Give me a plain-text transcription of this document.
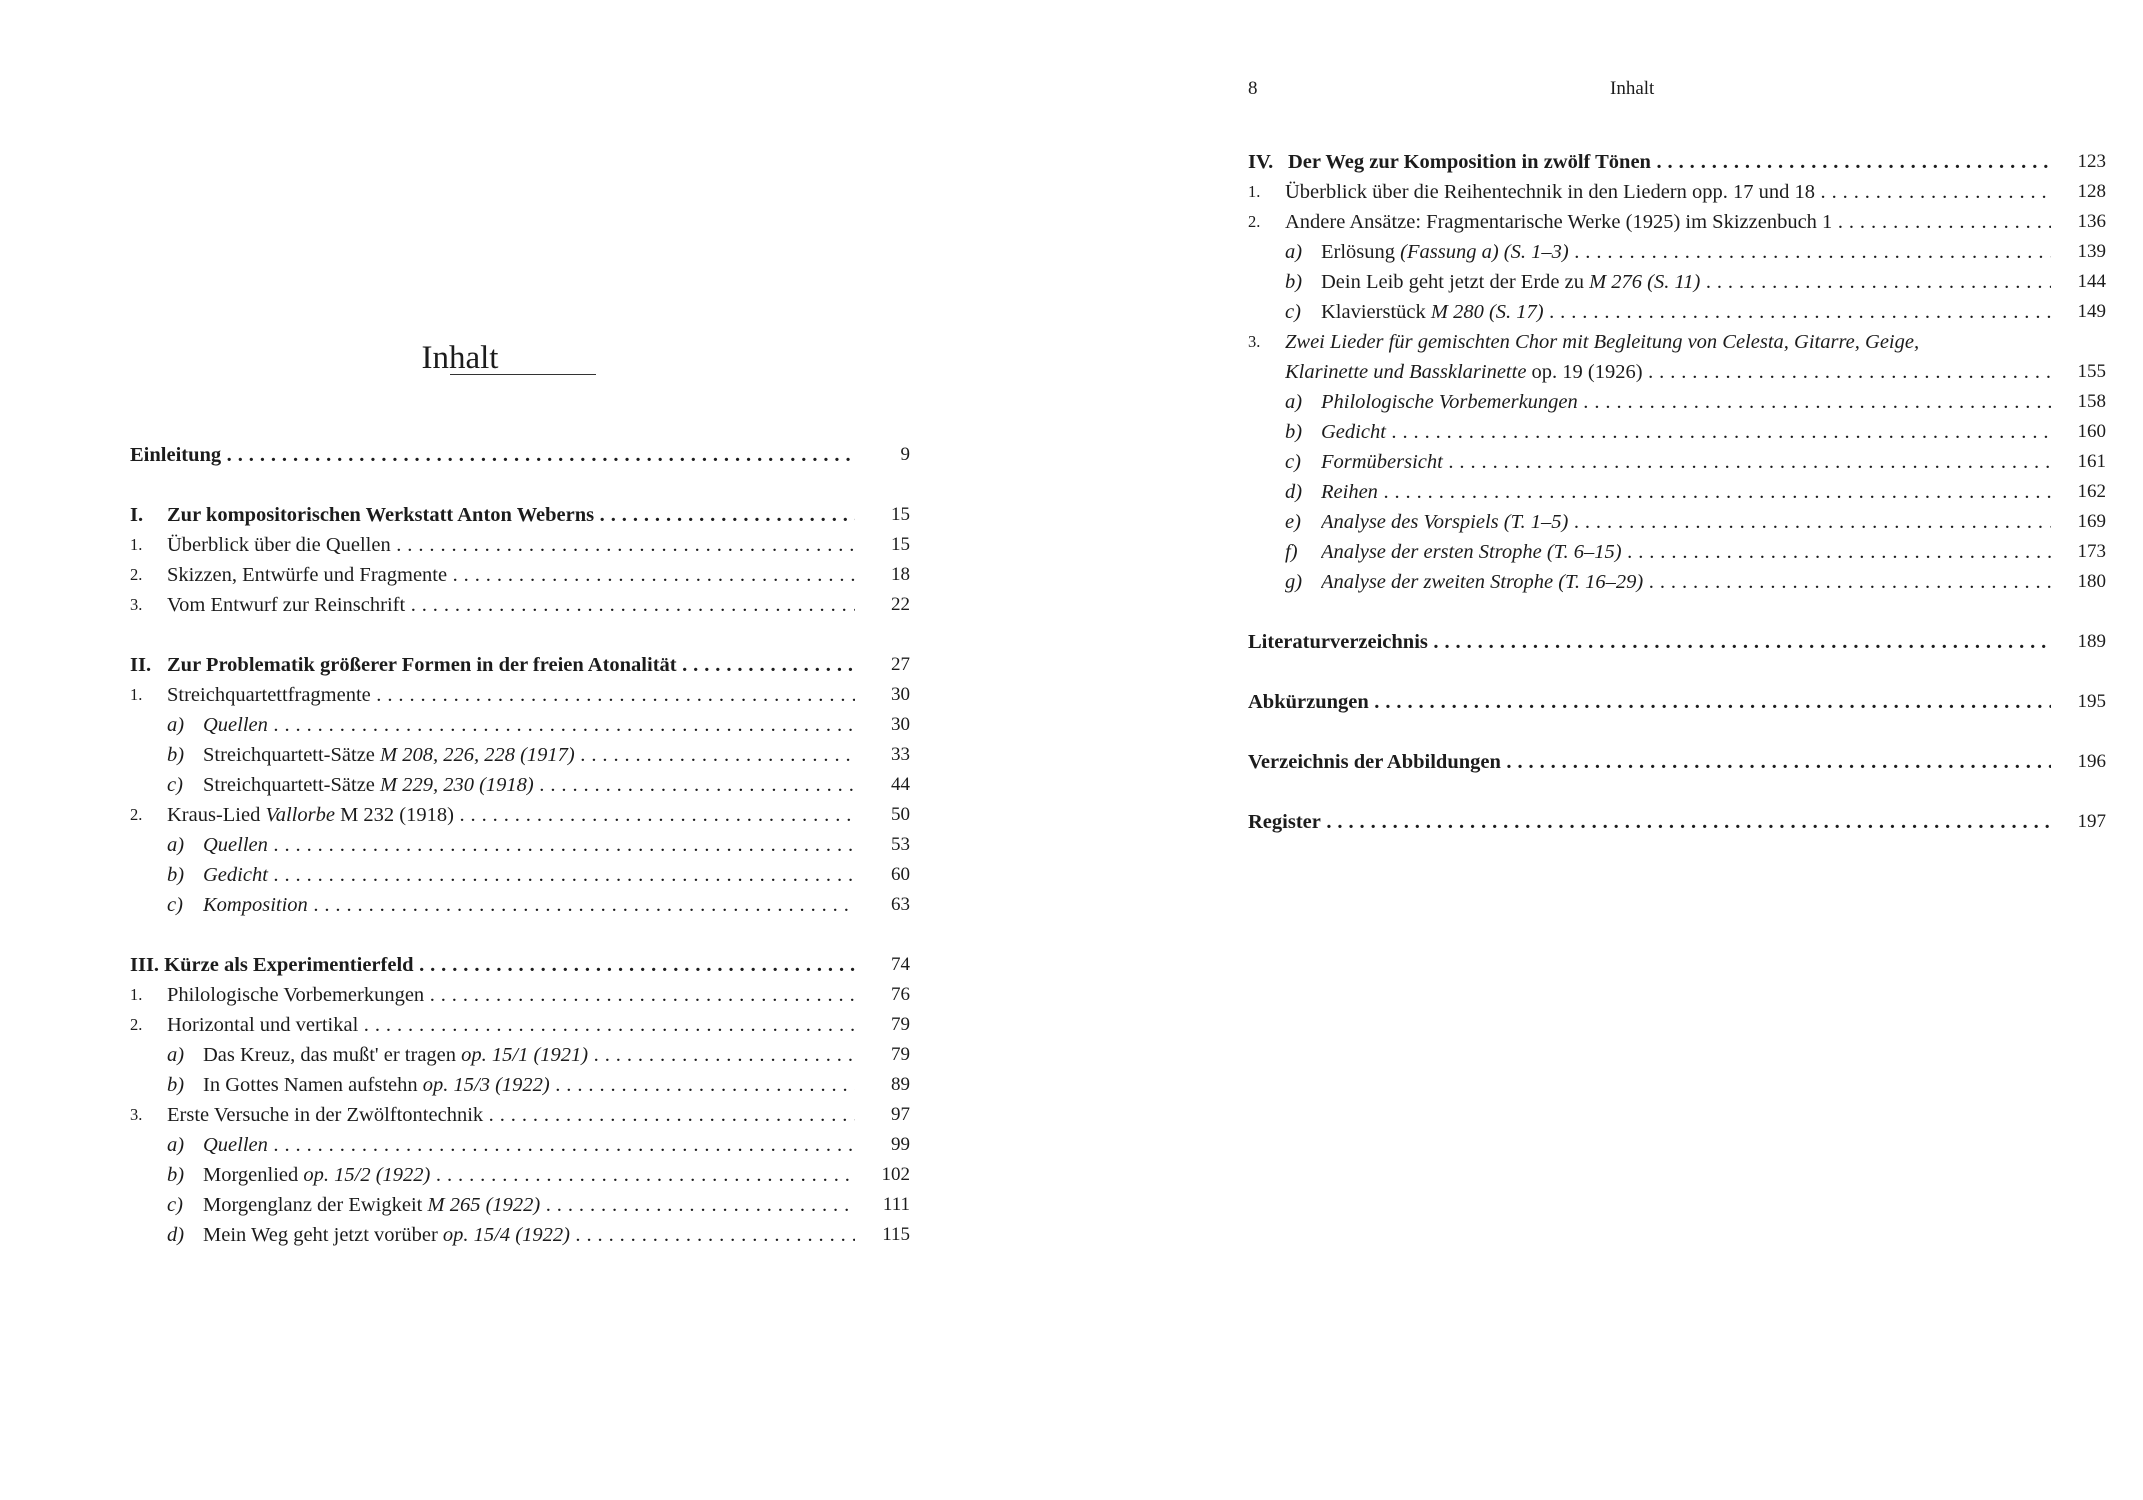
Inhalt
Einleitung . . .	9
I. Zur kompositorischen Werkstatt Anton Weberns . . .	15
1. Überblick über die Quellen . . .	15
2. Skizzen, Entwürfe und Fragmente . . .	18
3. Vom Entwurf zur Reinschrift . . .	22
II. Zur Problematik größerer Formen in der freien Atonalität . . .	27
1. Streichquartettfragmente . . .	30
a) Quellen . . .	30
b) Streichquartett-Sätze M 208, 226, 228 (1917) . . .	33
c) Streichquartett-Sätze M 229, 230 (1918) . . .	44
2. Kraus-Lied Vallorbe M 232 (1918) . . .	50
a) Quellen . . .	53
b) Gedicht . . .	60
c) Komposition . . .	63
III. Kürze als Experimentierfeld . . .	74
1. Philologische Vorbemerkungen . . .	76
2. Horizontal und vertikal . . .	79
a) Das Kreuz, das mußt' er tragen op. 15/1 (1921) . . .	79
b) In Gottes Namen aufstehn op. 15/3 (1922) . . .	89
3. Erste Versuche in der Zwölftontechnik . . .	97
a) Quellen . . .	99
b) Morgenlied op. 15/2 (1922) . . .	102
c) Morgenglanz der Ewigkeit M 265 (1922) . . .	111
d) Mein Weg geht jetzt vorüber op. 15/4 (1922) . . .	115
8	Inhalt
IV. Der Weg zur Komposition in zwölf Tönen . . .	123
1. Überblick über die Reihentechnik in den Liedern opp. 17 und 18 . . .	128
2. Andere Ansätze: Fragmentarische Werke (1925) im Skizzenbuch 1 . . .	136
a) Erlösung (Fassung a) (S. 1–3) . . .	139
b) Dein Leib geht jetzt der Erde zu M 276 (S. 11) . . .	144
c) Klavierstück M 280 (S. 17) . . .	149
3. Zwei Lieder für gemischten Chor mit Begleitung von Celesta, Gitarre, Geige,
Klarinette und Bassklarinette op. 19 (1926) . . .	155
a) Philologische Vorbemerkungen . . .	158
b) Gedicht . . .	160
c) Formübersicht . . .	161
d) Reihen . . .	162
e) Analyse des Vorspiels (T. 1–5) . . .	169
f) Analyse der ersten Strophe (T. 6–15) . . .	173
g) Analyse der zweiten Strophe (T. 16–29) . . .	180
Literaturverzeichnis . . .	189
Abkürzungen . . .	195
Verzeichnis der Abbildungen . . .	196
Register . . .	197
